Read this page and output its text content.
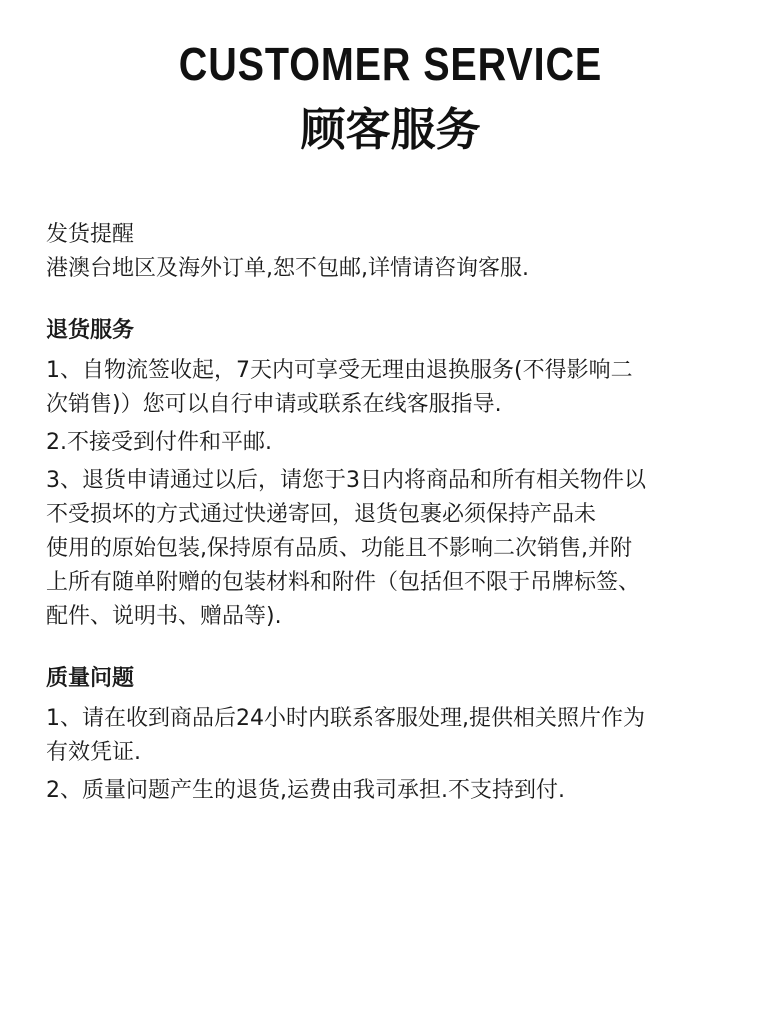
CUSTOMER SERVICE
顾客服务
发货提醒
港澳台地区及海外订单,恕不包邮,详情请咨询客服.
退货服务
1、自物流签收起，7天内可享受无理由退换服务(不得影响二
次销售)）您可以自行申请或联系在线客服指导.
2.不接受到付件和平邮.
3、退货申请通过以后，请您于3日内将商品和所有相关物件以
不受损坏的方式通过快递寄回，退货包裹必须保持产品未
使用的原始包装,保持原有品质、功能且不影响二次销售,并附
上所有随单附赠的包装材料和附件（包括但不限于吊牌标签、
配件、说明书、赠品等).
质量问题
1、请在收到商品后24小时内联系客服处理,提供相关照片作为
有效凭证.
2、质量问题产生的退货,运费由我司承担.不支持到付.
